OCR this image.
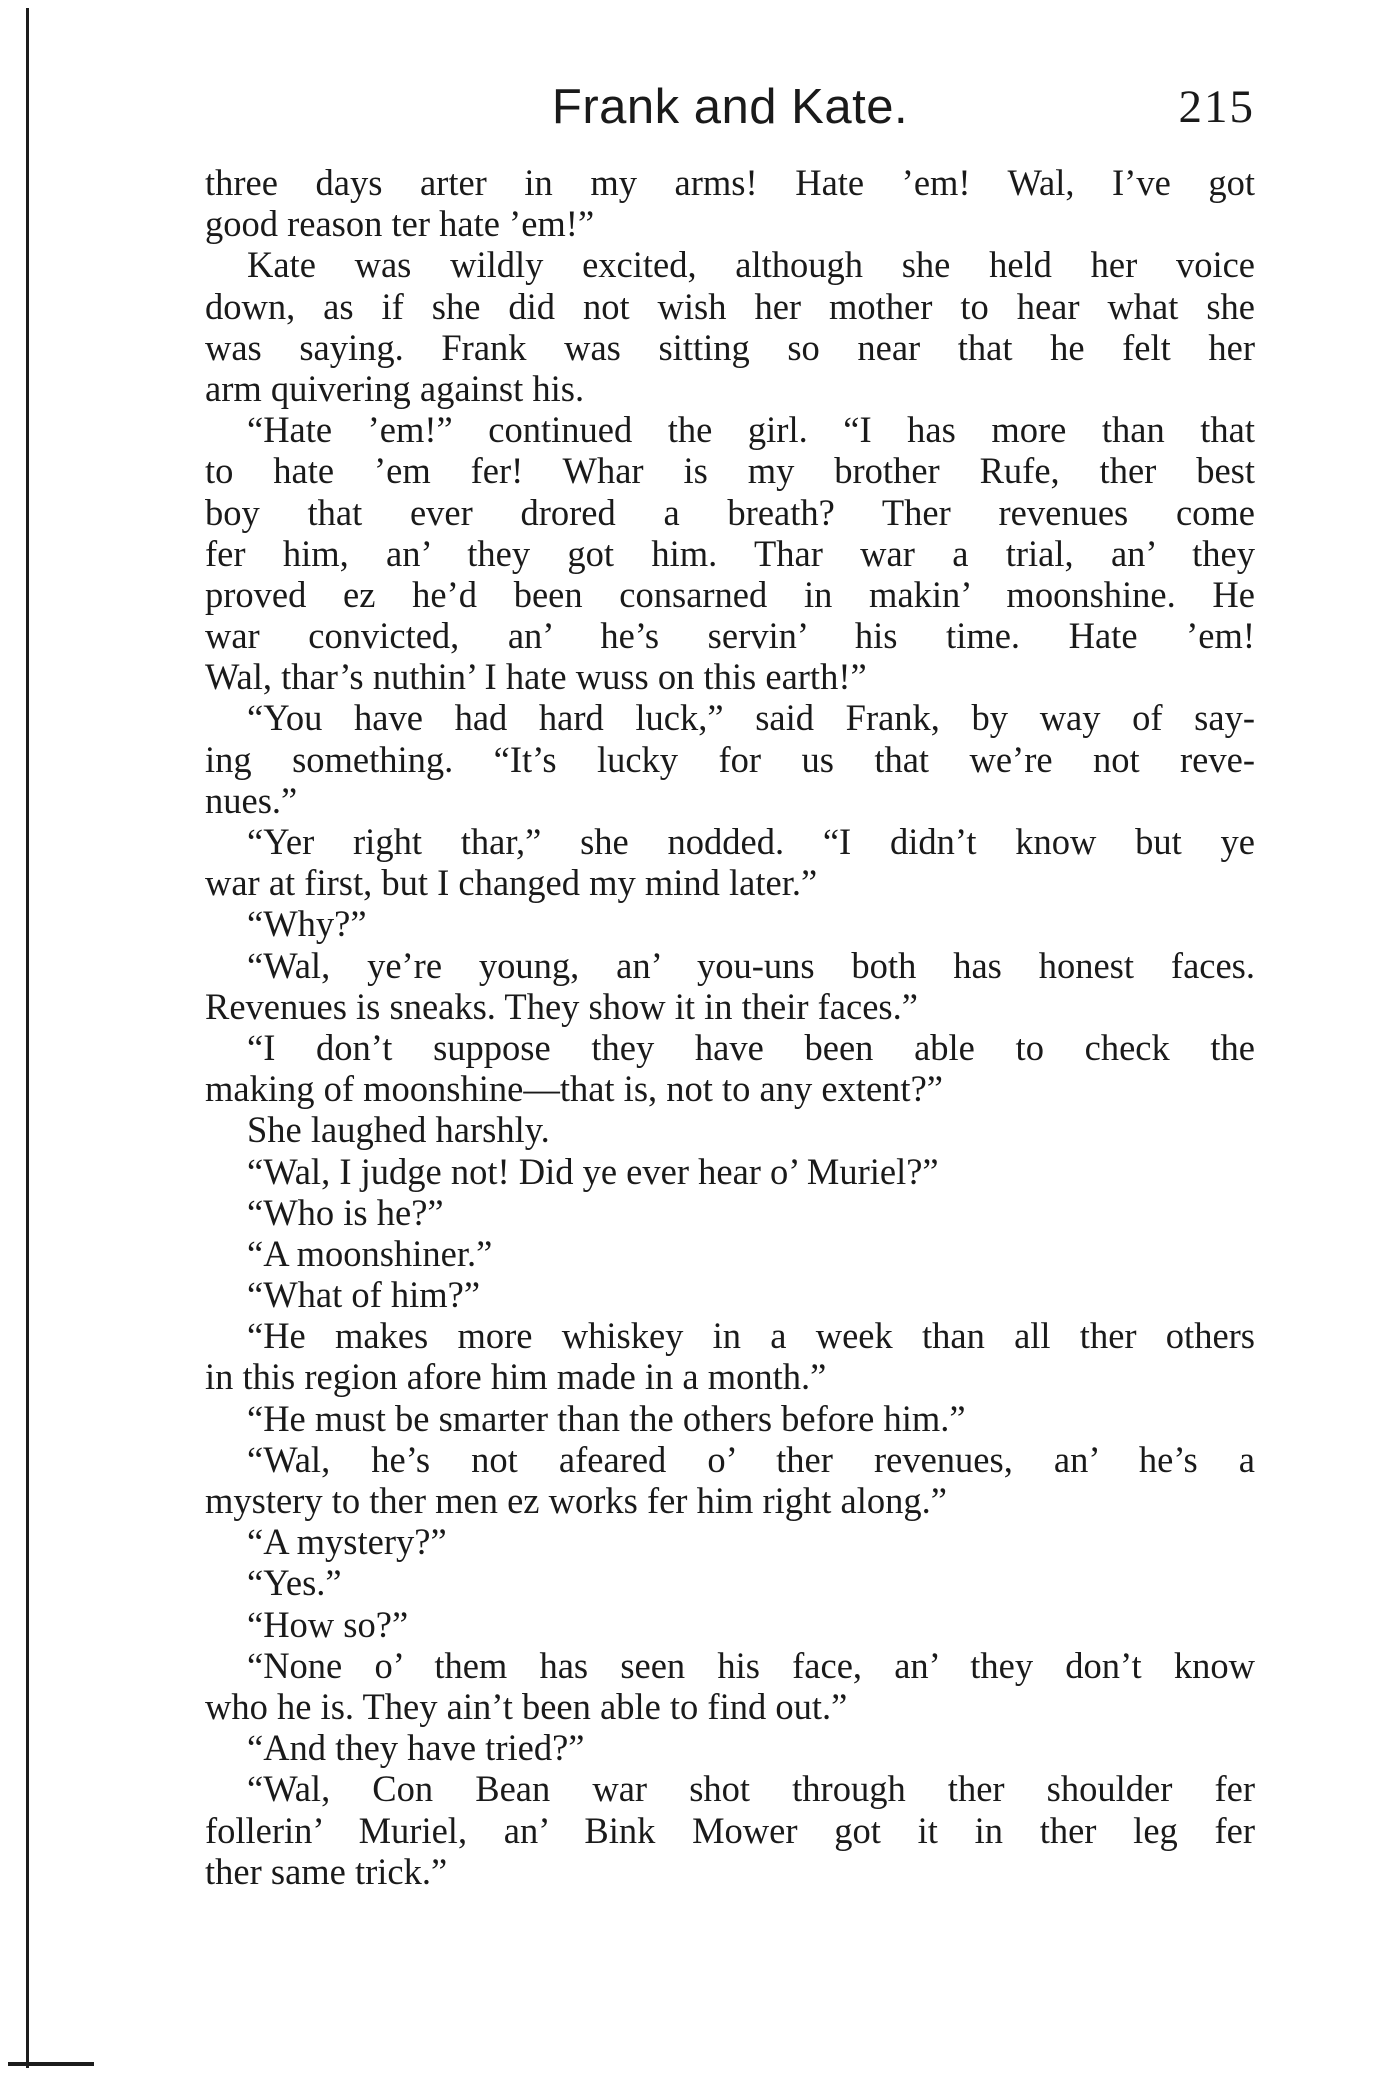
Frank and Kate.	215
three days arter in my arms! Hate ’em! Wal, I’ve got
good reason ter hate ’em!”
Kate was wildly excited, although she held her voice
down, as if she did not wish her mother to hear what she
was saying. Frank was sitting so near that he felt her
arm quivering against his.
“Hate ’em!” continued the girl. “I has more than that
to hate ’em fer! Whar is my brother Rufe, ther best
boy that ever drored a breath? Ther revenues come
fer him, an’ they got him. Thar war a trial, an’ they
proved ez he’d been consarned in makin’ moonshine. He
war convicted, an’ he’s servin’ his time. Hate ’em!
Wal, thar’s nuthin’ I hate wuss on this earth!”
“You have had hard luck,” said Frank, by way of say-
ing something. “It’s lucky for us that we’re not reve-
nues.”
“Yer right thar,” she nodded. “I didn’t know but ye
war at first, but I changed my mind later.”
“Why?”
“Wal, ye’re young, an’ you-uns both has honest faces.
Revenues is sneaks. They show it in their faces.”
“I don’t suppose they have been able to check the
making of moonshine—that is, not to any extent?”
She laughed harshly.
“Wal, I judge not! Did ye ever hear o’ Muriel?”
“Who is he?”
“A moonshiner.”
“What of him?”
“He makes more whiskey in a week than all ther others
in this region afore him made in a month.”
“He must be smarter than the others before him.”
“Wal, he’s not afeared o’ ther revenues, an’ he’s a
mystery to ther men ez works fer him right along.”
“A mystery?”
“Yes.”
“How so?”
“None o’ them has seen his face, an’ they don’t know
who he is. They ain’t been able to find out.”
“And they have tried?”
“Wal, Con Bean war shot through ther shoulder fer
follerin’ Muriel, an’ Bink Mower got it in ther leg fer
ther same trick.”
